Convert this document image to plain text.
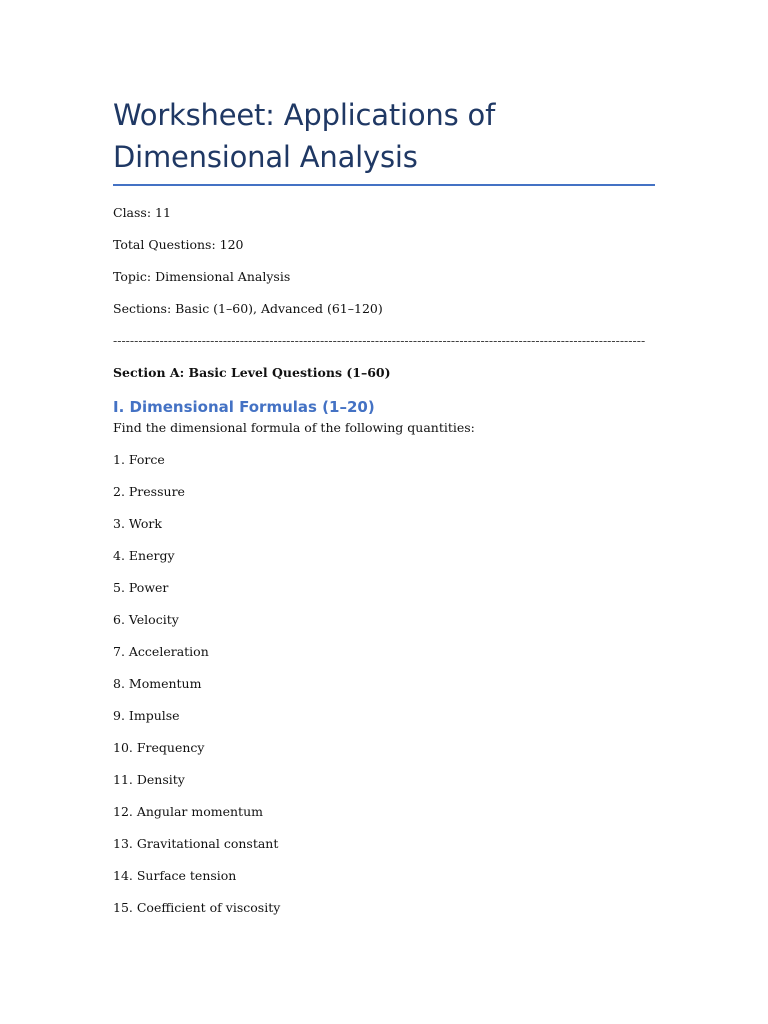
Worksheet: Applications of Dimensional Analysis

Class: 11

Total Questions: 120

Topic: Dimensional Analysis

Sections: Basic (1–60), Advanced (61–120)

------------------------------------------------------------------------------------------------------------------------------

Section A: Basic Level Questions (1–60)

I. Dimensional Formulas (1–20)

Find the dimensional formula of the following quantities:

1. Force
2. Pressure
3. Work
4. Energy
5. Power
6. Velocity
7. Acceleration
8. Momentum
9. Impulse
10. Frequency
11. Density
12. Angular momentum
13. Gravitational constant
14. Surface tension
15. Coefficient of viscosity
